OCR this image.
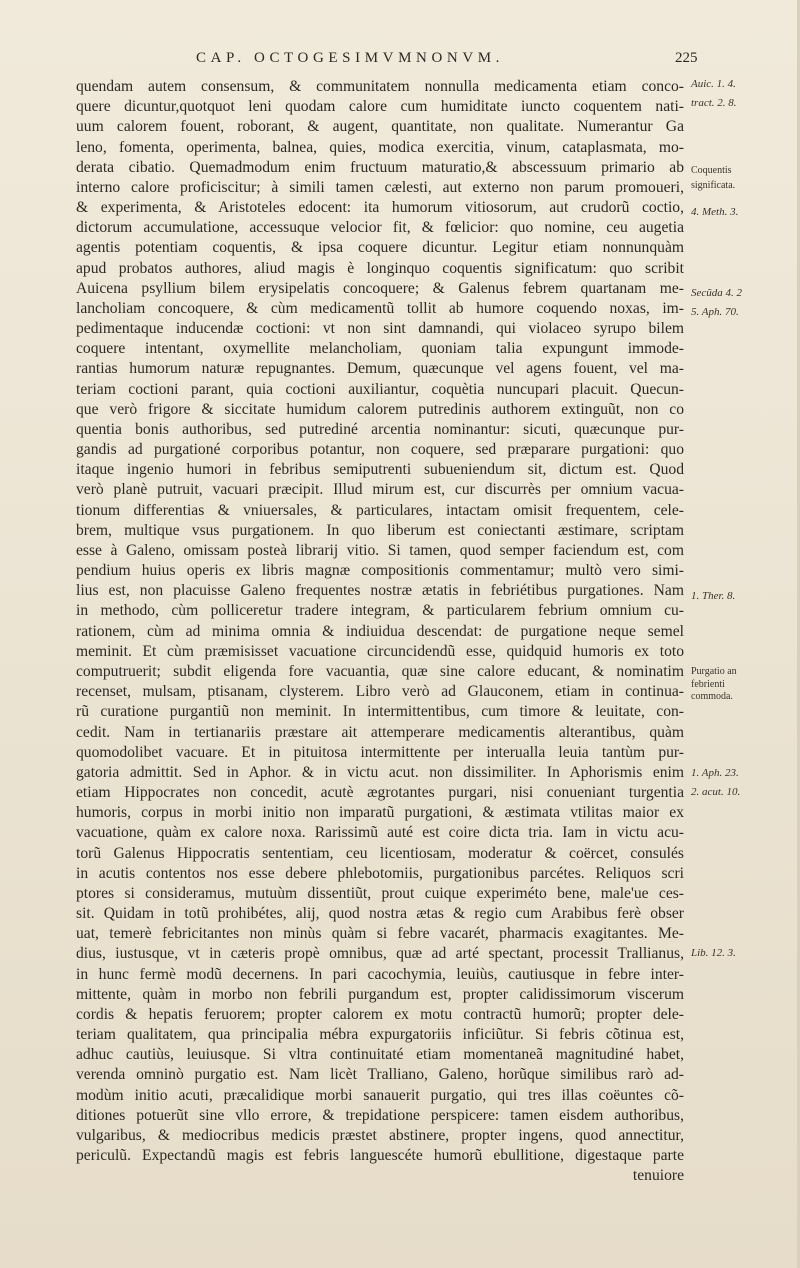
CAP. OCTOGESIMVMNONVM.	225
quendam autem consensum, & communitatem nonnulla medicamenta etiam conco-
quere dicuntur,quotquot leni quodam calore cum humiditate iuncto coquentem nati-
uum calorem fouent, roborant, & augent, quantitate, non qualitate. Numerantur Ga
leno, fomenta, operimenta, balnea, quies, modica exercitia, vinum, cataplasmata, mo-
derata cibatio. Quemadmodum enim fructuum maturatio,& abscessuum primario ab
interno calore proficiscitur; à simili tamen cælesti, aut externo non parum promoueri,
& experimenta, & Aristoteles edocent: ita humorum vitiosorum, aut crudorũ coctio,
dictorum accumulatione, accessuque velocior fit, & fœlicior: quo nomine, ceu augetia
agentis potentiam coquentis, & ipsa coquere dicuntur. Legitur etiam nonnunquàm
apud probatos authores, aliud magis è longinquo coquentis significatum: quo scribit
Auicena psyllium bilem erysipelatis concoquere; & Galenus febrem quartanam me-
lancholiam concoquere, & cùm medicamentũ tollit ab humore coquendo noxas, im-
pedimentaque inducendæ coctioni: vt non sint damnandi, qui violaceo syrupo bilem
coquere intentant, oxymellite melancholiam, quoniam talia expungunt immode-
rantias humorum naturæ repugnantes. Demum, quæcunque vel agens fouent, vel ma-
teriam coctioni parant, quia coctioni auxiliantur, coquètia nuncupari placuit. Quecun-
que verò frigore & siccitate humidum calorem putredinis authorem extinguũt, non co
quentia bonis authoribus, sed putrediné arcentia nominantur: sicuti, quæcunque pur-
gandis ad purgationé corporibus potantur, non coquere, sed præparare purgationi: quo
itaque ingenio humori in febribus semiputrenti subueniendum sit, dictum est. Quod
verò planè putruit, vacuari præcipit. Illud mirum est, cur discurrès per omnium vacua-
tionum differentias & vniuersales, & particulares, intactam omisit frequentem, cele-
brem, multique vsus purgationem. In quo liberum est coniectanti æstimare, scriptam
esse à Galeno, omissam posteà librarij vitio. Si tamen, quod semper faciendum est, com
pendium huius operis ex libris magnæ compositionis commentamur; multò vero simi-
lius est, non placuisse Galeno frequentes nostræ ætatis in febriétibus purgationes. Nam
in methodo, cùm polliceretur tradere integram, & particularem febrium omnium cu-
rationem, cùm ad minima omnia & indiuidua descendat: de purgatione neque semel
meminit. Et cùm præmisisset vacuatione circuncidendũ esse, quidquid humoris ex toto
computruerit; subdit eligenda fore vacuantia, quæ sine calore educant, & nominatim
recenset, mulsam, ptisanam, clysterem. Libro verò ad Glauconem, etiam in continua-
rũ curatione purgantiũ non meminit. In intermittentibus, cum timore & leuitate, con-
cedit. Nam in tertianariis præstare ait attemperare medicamentis alterantibus, quàm
quomodolibet vacuare. Et in pituitosa intermittente per interualla leuia tantùm pur-
gatoria admittit. Sed in Aphor. & in victu acut. non dissimiliter. In Aphorismis enim
etiam Hippocrates non concedit, acutè ægrotantes purgari, nisi conueniant turgentia
humoris, corpus in morbi initio non imparatũ purgationi, & æstimata vtilitas maior ex
vacuatione, quàm ex calore noxa. Rarissimũ auté est coire dicta tria. Iam in victu acu-
torũ Galenus Hippocratis sententiam, ceu licentiosam, moderatur & coërcet, consulés
in acutis contentos nos esse debere phlebotomiis, purgationibus parcétes. Reliquos scri
ptores si consideramus, mutuùm dissentiũt, prout cuique experiméto bene, male'ue ces-
sit. Quidam in totũ prohibétes, alij, quod nostra ætas & regio cum Arabibus ferè obser
uat, temerè febricitantes non minùs quàm si febre vacarét, pharmacis exagitantes. Me-
dius, iustusque, vt in cæteris propè omnibus, quæ ad arté spectant, processit Trallianus,
in hunc fermè modũ decernens. In pari cacochymia, leuiùs, cautiusque in febre inter-
mittente, quàm in morbo non febrili purgandum est, propter calidissimorum viscerum
cordis & hepatis feruorem; propter calorem ex motu contractũ humorũ; propter dele-
teriam qualitatem, qua principalia mébra expurgatoriis inficiũtur. Si febris cõtinua est,
adhuc cautiùs, leuiusque. Si vltra continuitaté etiam momentaneã magnitudiné habet,
verenda omninò purgatio est. Nam licèt Tralliano, Galeno, horũque similibus rarò ad-
modùm initio acuti, præcalidique morbi sanauerit purgatio, qui tres illas coëuntes cõ-
ditiones potuerũt sine vllo errore, & trepidatione perspicere: tamen eisdem authoribus,
vulgaribus, & mediocribus medicis præstet abstinere, propter ingens, quod annectitur,
periculũ. Expectandũ magis est febris languescéte humorũ ebullitione, digestaque parte
tenuiore
Auic. 1. 4.
tract. 2. 8.
Coquentis
significata.
4. Meth. 3.
Secũda 4. 2
5. Aph. 70.
1. Ther. 8.
Purgatio an
febrienti
commoda.
1. Aph. 23.
2. acut. 10.
Lib. 12. 3.
